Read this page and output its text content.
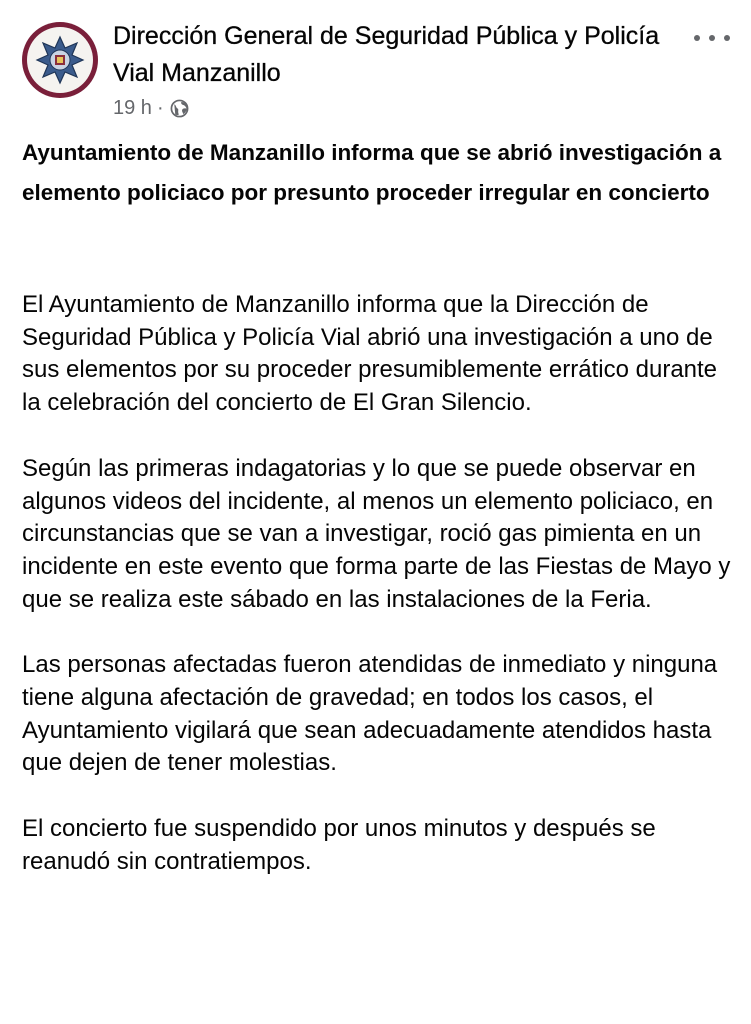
Dirección General de Seguridad Pública y Policía Vial Manzanillo
19 h ·
Ayuntamiento de Manzanillo informa que se abrió investigación a elemento policiaco por presunto proceder irregular en concierto

El Ayuntamiento de Manzanillo informa que la Dirección de Seguridad Pública y Policía Vial abrió una investigación a uno de sus elementos por su proceder presumiblemente errático durante la celebración del concierto de El Gran Silencio.

Según las primeras indagatorias y lo que se puede observar en algunos videos del incidente, al menos un elemento policiaco, en circunstancias que se van a investigar, roció gas pimienta en un incidente en este evento que forma parte de las Fiestas de Mayo y que se realiza este sábado en las instalaciones de la Feria.

Las personas afectadas fueron atendidas de inmediato y ninguna tiene alguna afectación de gravedad; en todos los casos, el Ayuntamiento vigilará que sean adecuadamente atendidos hasta que dejen de tener molestias.

El concierto fue suspendido por unos minutos y después se reanudó sin contratiempos.
